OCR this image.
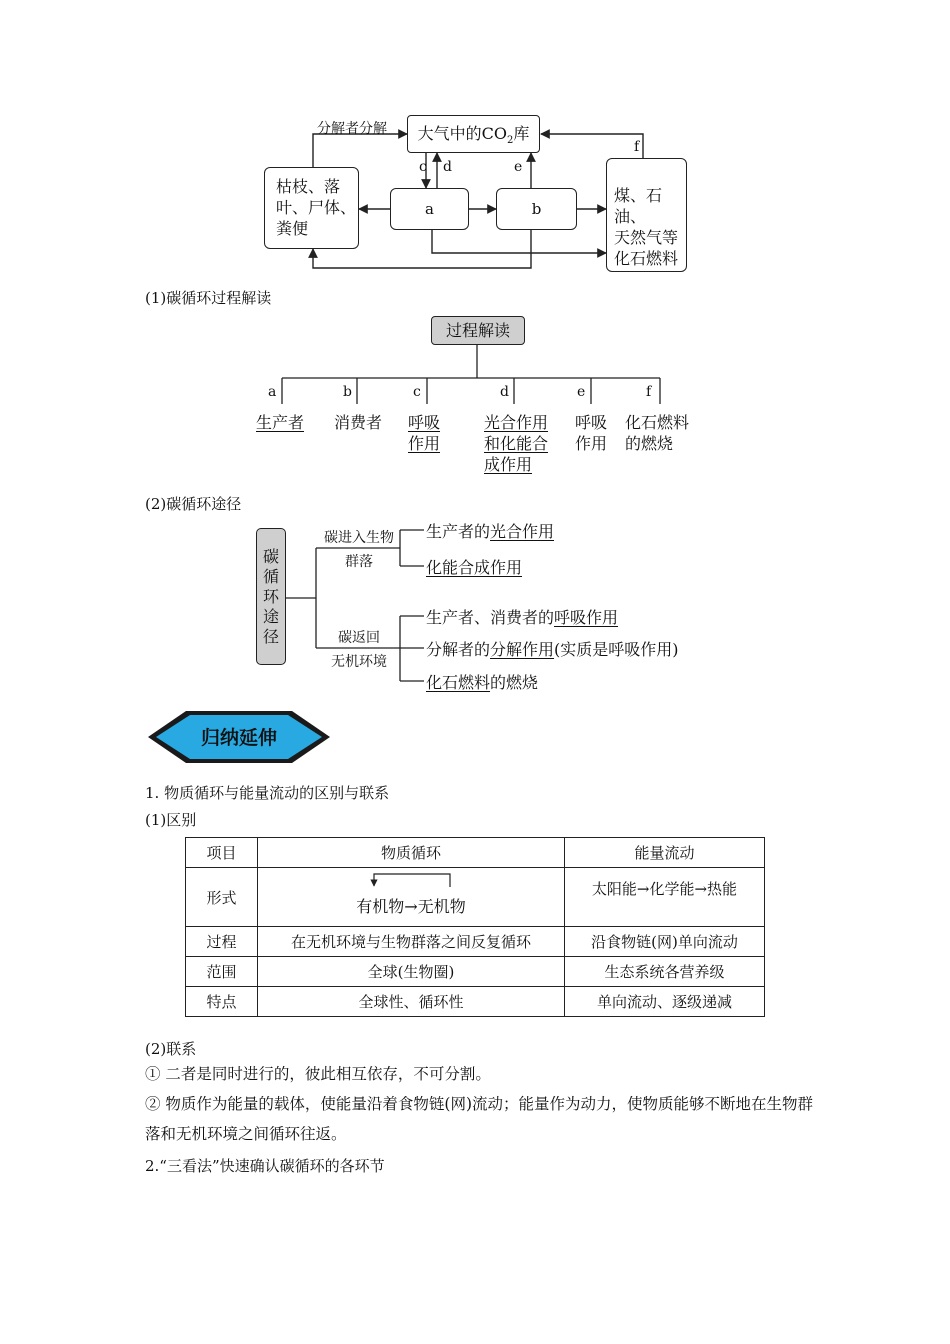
分解者分解	大气中的$CO_2$库
c d	e
f
枯枝、落
叶、尸体、
粪便
a	b
煤、石油、
天然气等
化石燃料
(1)碳循环过程解读
过程解读
a	b	c	d	e	f
生产者 消费者 呼吸
作用
光合作用
和化能合
成作用
呼吸
作用
化石燃料
的燃烧
(2)碳循环途径
碳
循
环
途
径
碳进入生物
群落
碳返回
无机环境
生产者的光合作用
化能合成作用
生产者、消费者的呼吸作用
分解者的分解作用(实质是呼吸作用)
化石燃料的燃烧
归纳延伸
1. 物质循环与能量流动的区别与联系
(1)区别
项目	物质循环	能量流动
形式	有机物→无机物	太阳能→化学能→热能
过程	在无机环境与生物群落之间反复循环	沿食物链(网)单向流动
范围	全球(生物圈)	生态系统各营养级
特点	全球性、循环性	单向流动、逐级递减
(2)联系
① 二者是同时进行的，彼此相互依存，不可分割。
② 物质作为能量的载体，使能量沿着食物链(网)流动；能量作为动力，使物质能够不断地在生物群落和无机环境之间循环往返。
2.“三看法”快速确认碳循环的各环节
